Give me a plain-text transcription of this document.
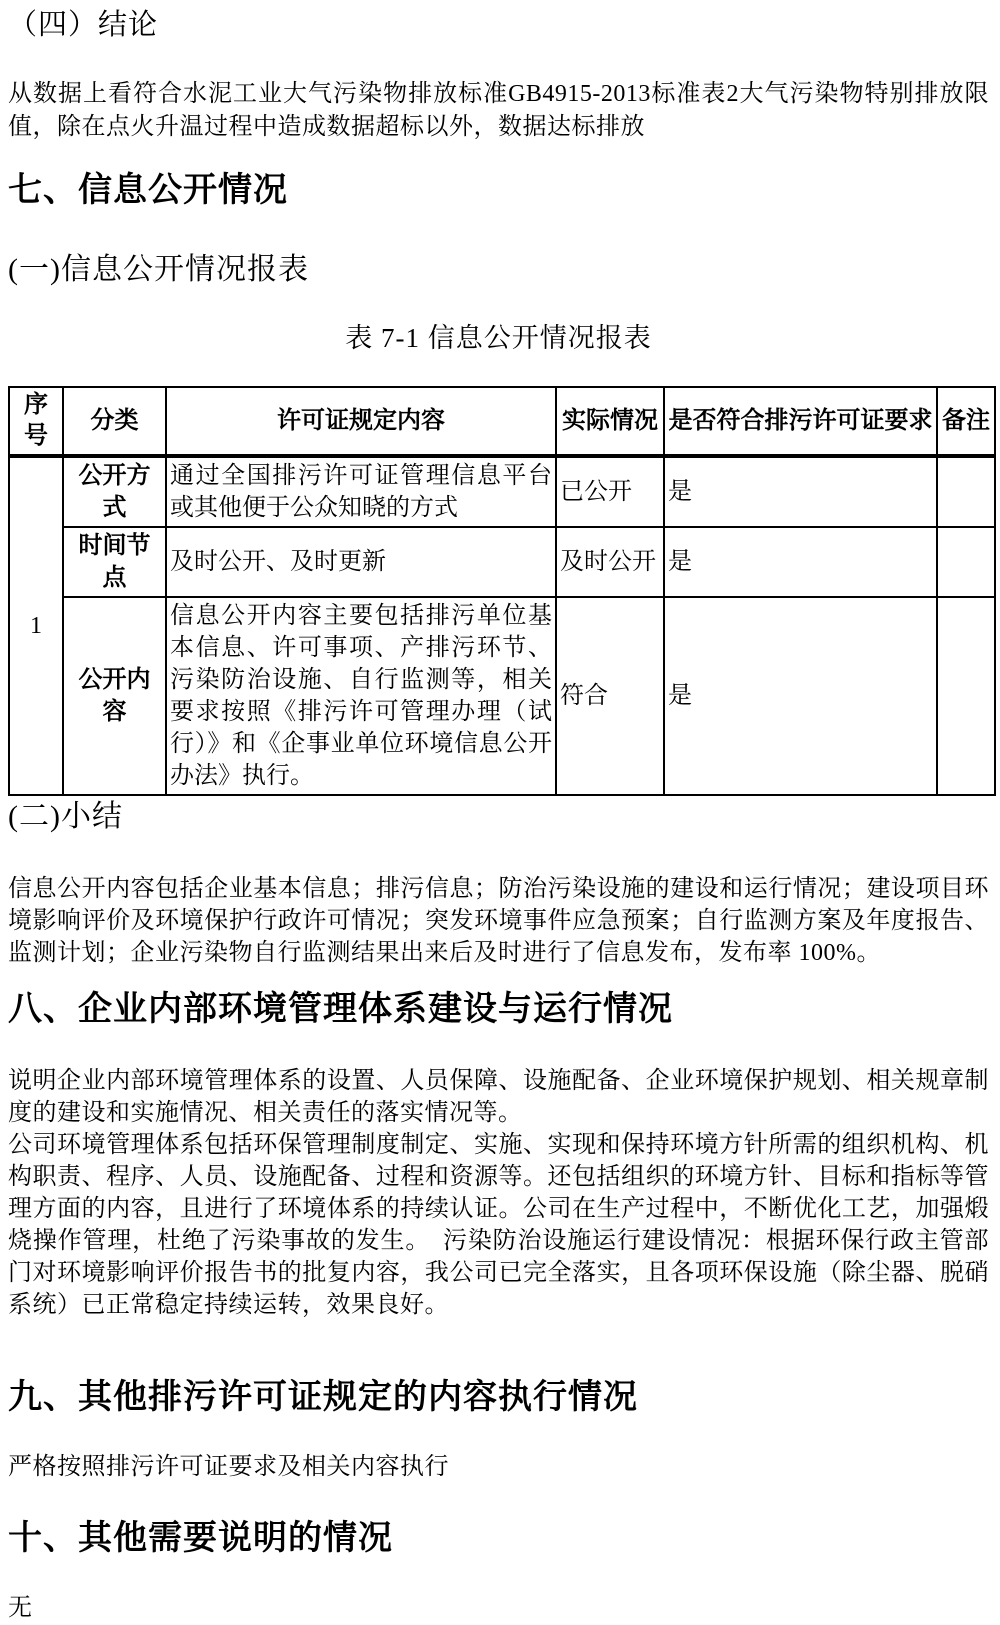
（四）结论

从数据上看符合水泥工业大气污染物排放标准GB4915-2013标准表2大气污染物特别排放限值，除在点火升温过程中造成数据超标以外，数据达标排放

七、信息公开情况
(一)信息公开情况报表
表 7-1 信息公开情况报表
序号	分类	许可证规定内容	实际情况	是否符合排污许可证要求	备注
1	公开方式	通过全国排污许可证管理信息平台或其他便于公众知晓的方式	已公开	是	
	时间节点	及时公开、及时更新	及时公开	是	
	公开内容	信息公开内容主要包括排污单位基本信息、许可事项、产排污环节、污染防治设施、自行监测等，相关要求按照《排污许可管理办理（试行）》和《企事业单位环境信息公开办法》执行。	符合	是	
(二)小结

信息公开内容包括企业基本信息；排污信息；防治污染设施的建设和运行情况；建设项目环境影响评价及环境保护行政许可情况；突发环境事件应急预案；自行监测方案及年度报告、监测计划；企业污染物自行监测结果出来后及时进行了信息发布，发布率 100%。

八、企业内部环境管理体系建设与运行情况

说明企业内部环境管理体系的设置、人员保障、设施配备、企业环境保护规划、相关规章制度的建设和实施情况、相关责任的落实情况等。

公司环境管理体系包括环保管理制度制定、实施、实现和保持环境方针所需的组织机构、机构职责、程序、人员、设施配备、过程和资源等。还包括组织的环境方针、目标和指标等管理方面的内容，且进行了环境体系的持续认证。公司在生产过程中，不断优化工艺，加强煅烧操作管理，杜绝了污染事故的发生。　污染防治设施运行建设情况：根据环保行政主管部门对环境影响评价报告书的批复内容，我公司已完全落实，且各项环保设施（除尘器、脱硝系统）已正常稳定持续运转，效果良好。

九、其他排污许可证规定的内容执行情况

严格按照排污许可证要求及相关内容执行

十、其他需要说明的情况

无
